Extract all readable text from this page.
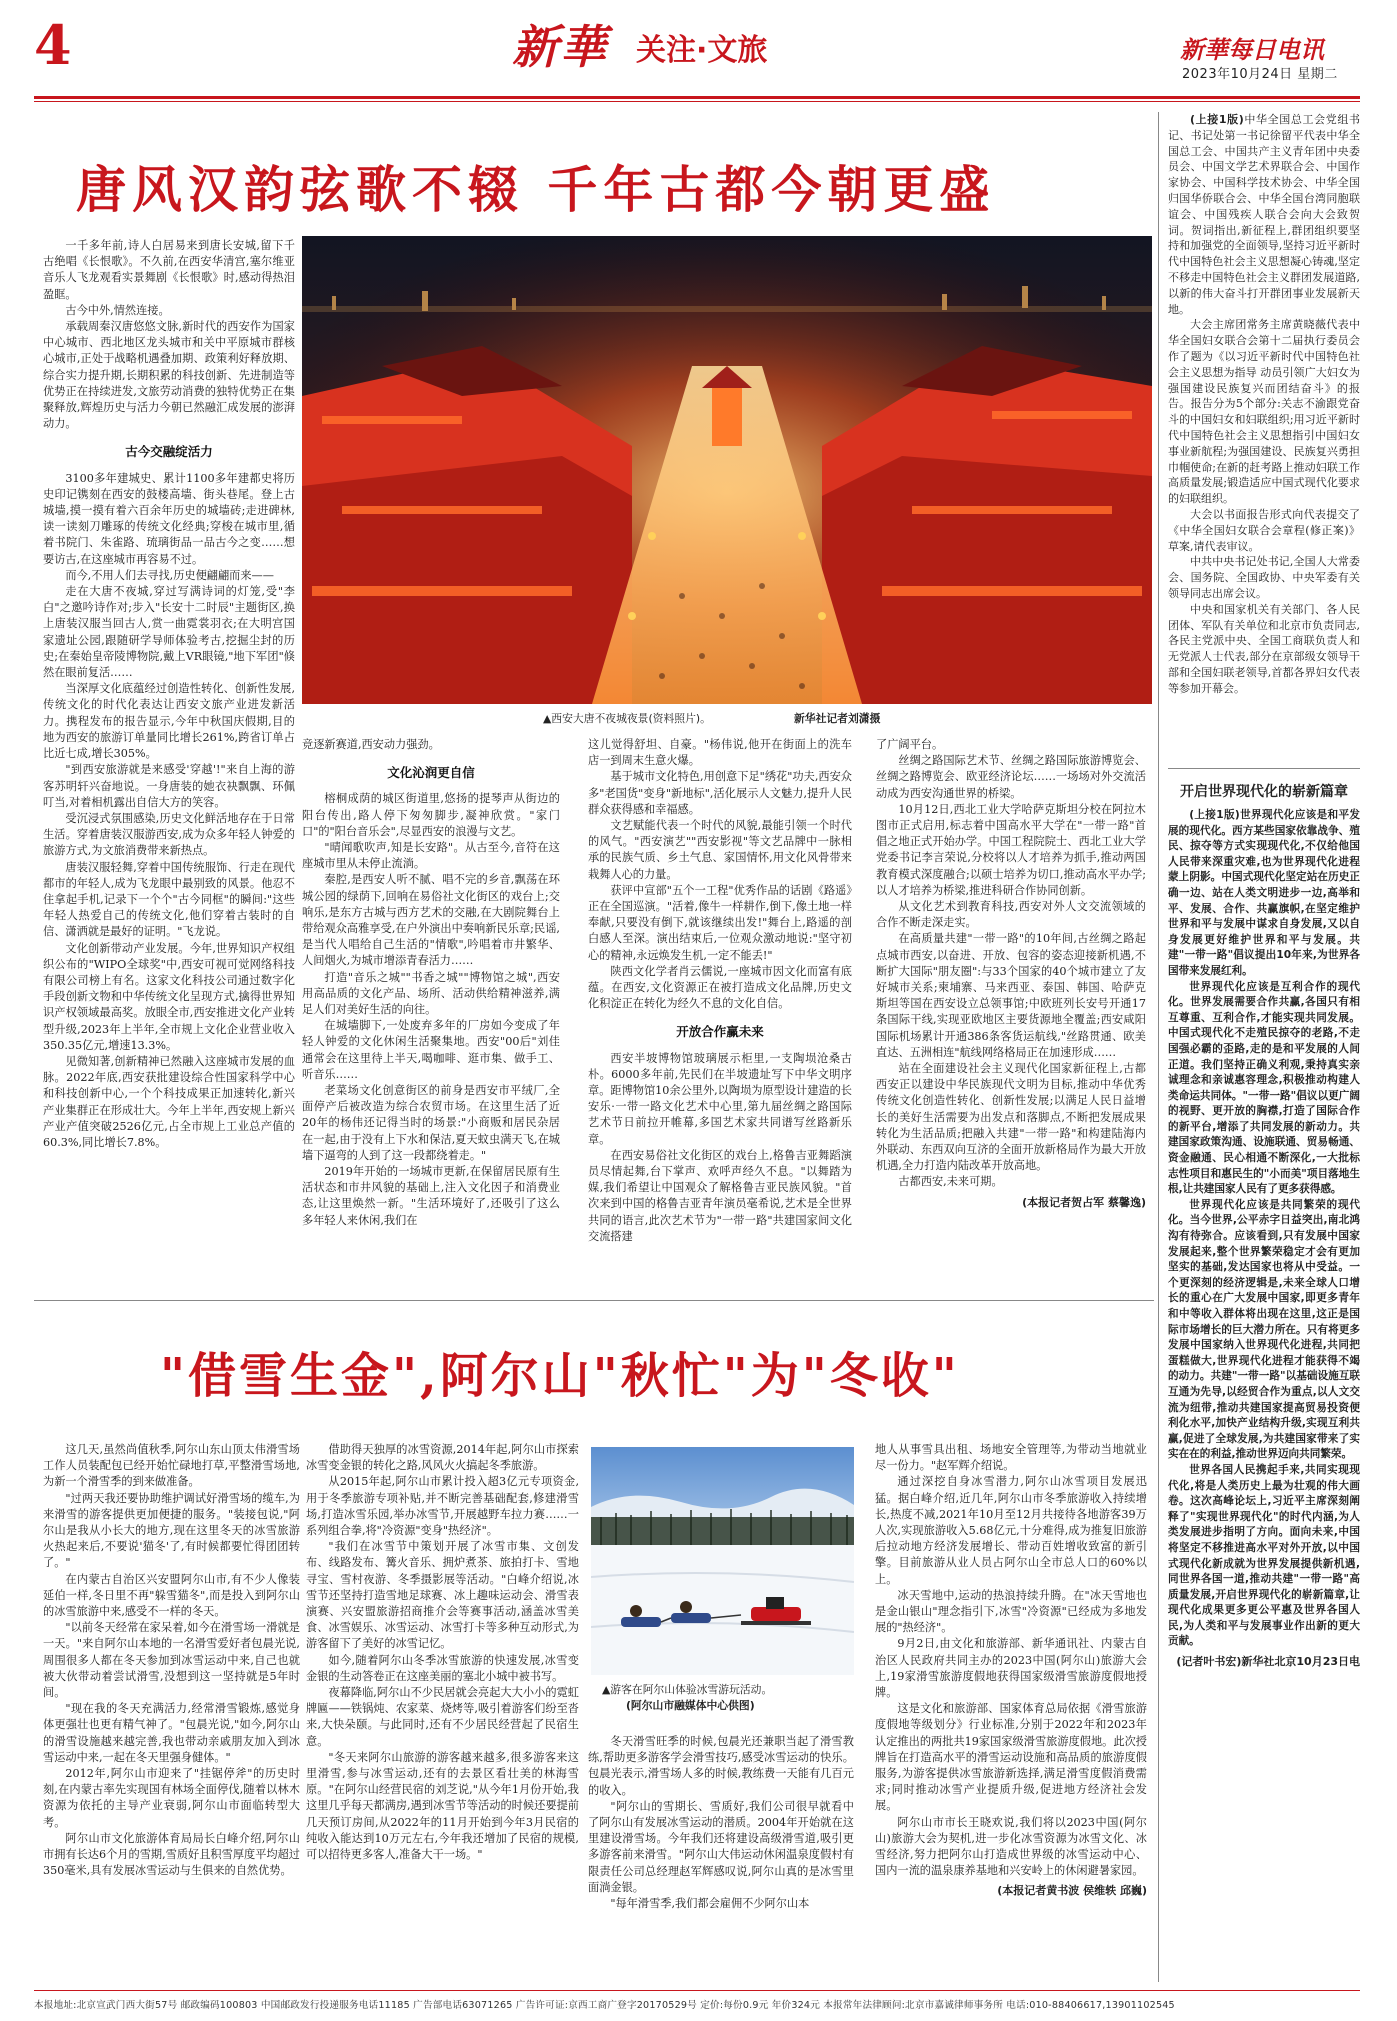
4	新華 关注·文旅	新華每日电讯
2023年10月24日 星期二
唐风汉韵弦歌不辍 千年古都今朝更盛
▲西安大唐不夜城夜景(资料照片)。	新华社记者刘潇摄

一千多年前,诗人白居易来到唐长安城,留下千古绝唱《长恨歌》。不久前,在西安华清宫,塞尔维亚音乐人飞龙观看实景舞剧《长恨歌》时,感动得热泪盈眶。

古今中外,情然连接。

承载周秦汉唐悠悠文脉,新时代的西安作为国家中心城市、西北地区龙头城市和关中平原城市群核心城市,正处于战略机遇叠加期、政策利好释放期、综合实力提升期,长期积累的科技创新、先进制造等优势正在持续进发,文旅劳动消费的独特优势正在集聚释放,辉煌历史与活力今朝已然融汇成发展的澎湃动力。

古今交融绽活力

3100多年建城史、累计1100多年建都史将历史印记镌刻在西安的鼓楼高墙、街头巷尾。登上古城墙,摸一摸有着六百余年历史的城墙砖;走进碑林,读一读刻刀雕琢的传统文化经典;穿梭在城市里,循着书院门、朱雀路、琉璃街品一品古今之变……想要访古,在这座城市再容易不过。

而今,不用人们去寻找,历史便翩翩而来——

走在大唐不夜城,穿过写满诗词的灯笼,受"李白"之邀吟诗作对;步入"长安十二时辰"主题街区,换上唐装汉服当回古人,赏一曲霓裳羽衣;在大明宫国家遗址公园,跟随研学导师体验考古,挖掘尘封的历史;在秦始皇帝陵博物院,戴上VR眼镜,"地下军团"倏然在眼前复活……

当深厚文化底蕴经过创造性转化、创新性发展,传统文化的时代化表达让西安文旅产业进发新活力。携程发布的报告显示,今年中秋国庆假期,目的地为西安的旅游订单量同比增长261%,跨省订单占比近七成,增长305%。

"到西安旅游就是来感受'穿越'!"来自上海的游客苏明轩兴奋地说。一身唐装的她衣袂飘飘、环佩叮当,对着相机露出自信大方的笑容。

受沉浸式氛围感染,历史文化鲜活地存在于日常生活。穿着唐装汉服游西安,成为众多年轻人钟爱的旅游方式,为文旅消费带来新热点。

唐装汉服轻舞,穿着中国传统服饰、行走在现代都市的年轻人,成为飞龙眼中最别致的风景。他忍不住拿起手机,记录下一个个"古今同框"的瞬间:"这些年轻人热爱自己的传统文化,他们穿着古装时的自信、潇洒就是最好的证明。"飞龙说。

文化创新带动产业发展。今年,世界知识产权组织公布的"WIPO全球奖"中,西安可视可觉网络科技有限公司榜上有名。这家文化科技公司通过数字化手段创新文物和中华传统文化呈现方式,擒得世界知识产权领域最高奖。放眼全市,西安推进文化产业转型升级,2023年上半年,全市规上文化企业营业收入350.35亿元,增速13.3%。

见微知著,创新精神已然融入这座城市发展的血脉。2022年底,西安获批建设综合性国家科学中心和科技创新中心,一个个科技成果正加速转化,新兴产业集群正在形成壮大。今年上半年,西安规上新兴产业产值突破2526亿元,占全市规上工业总产值的60.3%,同比增长7.8%。

竞逐新赛道,西安动力强劲。

文化沁润更自信

榕桐成荫的城区街道里,悠扬的提琴声从街边的阳台传出,路人停下匆匆脚步,凝神欣赏。"家门口"的"阳台音乐会",尽显西安的浪漫与文艺。

"晴闻歌吹声,知是长安路"。从古至今,音符在这座城市里从未停止流淌。

秦腔,是西安人听不腻、唱不完的乡音,飘荡在环城公园的绿荫下,回响在易俗社文化街区的戏台上;交响乐,是东方古城与西方艺术的交融,在大剧院舞台上带给观众高雅享受,在户外演出中奏响新民乐章;民谣,是当代人唱给自己生活的"情歌",吟唱着市井繁华、人间烟火,为城市增添青春活力……

打造"音乐之城""书香之城""博物馆之城",西安用高品质的文化产品、场所、活动供给精神滋养,满足人们对美好生活的向往。

在城墙脚下,一处废弃多年的厂房如今变成了年轻人钟爱的文化休闲生活聚集地。西安"00后"刘佳通常会在这里待上半天,喝咖啡、逛市集、做手工、听音乐……

老菜场文化创意街区的前身是西安市平绒厂,全面停产后被改造为综合农贸市场。在这里生活了近20年的杨伟还记得当时的场景:"小商贩和居民杂居在一起,由于没有上下水和保洁,夏天蚊虫满天飞,在城墙下逼弯的人到了这一段都绕着走。"

2019年开始的一场城市更新,在保留居民原有生活状态和市井风貌的基础上,注入文化因子和消费业态,让这里焕然一新。"生活环境好了,还吸引了这么多年轻人来休闲,我们在

这儿觉得舒坦、自豪。"杨伟说,他开在街面上的洗车店一到周末生意火爆。

基于城市文化特色,用创意下足"绣花"功夫,西安众多"老国货"变身"新地标",活化展示人文魅力,提升人民群众获得感和幸福感。

文艺赋能代表一个时代的风貌,最能引领一个时代的风气。"西安演艺""西安影视"等文艺品牌中一脉相承的民族气质、乡土气息、家国情怀,用文化风骨带来栽舞人心的力量。

获评中宣部"五个一工程"优秀作品的话剧《路遥》正在全国巡演。"活着,像牛一样耕作,倒下,像土地一样奉献,只要没有倒下,就该继续出发!"舞台上,路遥的剖白感人至深。演出结束后,一位观众激动地说:"坚守初心的精神,永远焕发生机,一定不能丢!"

陕西文化学者肖云儒说,一座城市因文化而富有底蕴。在西安,文化资源正在被打造成文化品牌,历史文化积淀正在转化为经久不息的文化自信。

开放合作赢未来

西安半坡博物馆玻璃展示柜里,一支陶埙沧桑古朴。6000多年前,先民们在半坡遗址写下中华文明序章。距博物馆10余公里外,以陶埙为原型设计建造的长安乐·一带一路文化艺术中心里,第九届丝绸之路国际艺术节日前拉开帷幕,多国艺术家共同谱写丝路新乐章。

在西安易俗社文化街区的戏台上,格鲁吉亚舞蹈演员尽情起舞,台下掌声、欢呼声经久不息。"以舞踏为媒,我们希望让中国观众了解格鲁吉亚民族风貌。"首次来到中国的格鲁吉亚青年演员毫希说,艺术是全世界共同的语言,此次艺术节为"一带一路"共建国家间文化交流搭建

了广阔平台。

丝绸之路国际艺术节、丝绸之路国际旅游博览会、丝绸之路博览会、欧亚经济论坛……一场场对外交流活动成为西安沟通世界的桥梁。

10月12日,西北工业大学哈萨克斯坦分校在阿拉木图市正式启用,标志着中国高水平大学在"一带一路"首倡之地正式开始办学。中国工程院院士、西北工业大学党委书记李言荣说,分校将以人才培养为抓手,推动两国教育模式深度融合;以硕士培养为切口,推动高水平办学;以人才培养为桥梁,推进科研合作协同创新。

从文化艺术到教育科技,西安对外人文交流领域的合作不断走深走实。

在高质量共建"一带一路"的10年间,古丝绸之路起点城市西安,以奋进、开放、包容的姿态迎接新机遇,不断扩大国际"朋友圈":与33个国家的40个城市建立了友好城市关系;柬埔寨、马来西亚、泰国、韩国、哈萨克斯坦等国在西安设立总领事馆;中欧班列长安号开通17条国际干线,实现亚欧地区主要货源地全覆盖;西安咸阳国际机场累计开通386条客货运航线,"丝路贯通、欧美直达、五洲相连"航线网络格局正在加速形成……

站在全面建设社会主义现代化国家新征程上,古都西安正以建设中华民族现代文明为目标,推动中华优秀传统文化创造性转化、创新性发展;以满足人民日益增长的美好生活需要为出发点和落脚点,不断把发展成果转化为生活品质;把融入共建"一带一路"和构建陆海内外联动、东西双向互济的全面开放新格局作为最大开放机遇,全力打造内陆改革开放高地。

古都西安,未来可期。

(本报记者贺占军 蔡馨逸)

(上接1版)中华全国总工会党组书记、书记处第一书记徐留平代表中华全国总工会、中国共产主义青年团中央委员会、中国文学艺术界联合会、中国作家协会、中国科学技术协会、中华全国归国华侨联合会、中华全国台湾同胞联谊会、中国残疾人联合会向大会致贺词。贺词指出,新征程上,群团组织要坚持和加强党的全面领导,坚持习近平新时代中国特色社会主义思想凝心铸魂,坚定不移走中国特色社会主义群团发展道路,以新的伟大奋斗打开群团事业发展新天地。

大会主席团常务主席黄晓薇代表中华全国妇女联合会第十二届执行委员会作了题为《以习近平新时代中国特色社会主义思想为指导 动员引领广大妇女为强国建设民族复兴而团结奋斗》的报告。报告分为5个部分:关志不渝跟党奋斗的中国妇女和妇联组织;用习近平新时代中国特色社会主义思想指引中国妇女事业新航程;为强国建设、民族复兴勇担巾帼使命;在新的赶考路上推动妇联工作高质量发展;锻造适应中国式现代化要求的妇联组织。

大会以书面报告形式向代表提交了《中华全国妇女联合会章程(修正案)》草案,请代表审议。

中共中央书记处书记,全国人大常委会、国务院、全国政协、中央军委有关领导同志出席会议。

中央和国家机关有关部门、各人民团体、军队有关单位和北京市负责同志,各民主党派中央、全国工商联负责人和无党派人士代表,部分在京部级女领导干部和全国妇联老领导,首都各界妇女代表等参加开幕会。

开启世界现代化的崭新篇章

(上接1版)世界现代化应该是和平发展的现代化。西方某些国家依靠战争、殖民、掠夺等方式实现现代化,不仅给他国人民带来深重灾难,也为世界现代化进程蒙上阴影。中国式现代化坚定站在历史正确一边、站在人类文明进步一边,高举和平、发展、合作、共赢旗帜,在坚定维护世界和平与发展中谋求自身发展,又以自身发展更好维护世界和平与发展。共建"一带一路"倡议提出10年来,为世界各国带来发展红利。

世界现代化应该是互利合作的现代化。世界发展需要合作共赢,各国只有相互尊重、互利合作,才能实现共同发展。中国式现代化不走殖民掠夺的老路,不走国强必霸的歪路,走的是和平发展的人间正道。我们坚持正确义利观,秉持真实亲诚理念和亲诚惠容理念,积极推动构建人类命运共同体。"一带一路"倡议以更广阔的视野、更开放的胸襟,打造了国际合作的新平台,增添了共同发展的新动力。共建国家政策沟通、设施联通、贸易畅通、资金融通、民心相通不断深化,一大批标志性项目和惠民生的"小而美"项目落地生根,让共建国家人民有了更多获得感。

世界现代化应该是共同繁荣的现代化。当今世界,公平赤字日益突出,南北鸿沟有待弥合。应该看到,只有发展中国家发展起来,整个世界繁荣稳定才会有更加坚实的基础,发达国家也将从中受益。一个更深刻的经济逻辑是,未来全球人口增长的重心在广大发展中国家,即更多青年和中等收入群体将出现在这里,这正是国际市场增长的巨大潜力所在。只有将更多发展中国家纳入世界现代化进程,共同把蛋糕做大,世界现代化进程才能获得不竭的动力。共建"一带一路"以基础设施互联互通为先导,以经贸合作为重点,以人文交流为纽带,推动共建国家提高贸易投资便利化水平,加快产业结构升级,实现互利共赢,促进了全球发展,为共建国家带来了实实在在的利益,推动世界迈向共同繁荣。

世界各国人民携起手来,共同实现现代化,将是人类历史上最为壮观的伟大画卷。这次高峰论坛上,习近平主席深刻阐释了"实现世界现代化"的时代内涵,为人类发展进步指明了方向。面向未来,中国将坚定不移推进高水平对外开放,以中国式现代化新成就为世界发展提供新机遇,同世界各国一道,推动共建"一带一路"高质量发展,开启世界现代化的崭新篇章,让现代化成果更多更公平惠及世界各国人民,为人类和平与发展事业作出新的更大贡献。

(记者叶书宏)新华社北京10月23日电

"借雪生金",阿尔山"秋忙"为"冬收"
▲游客在阿尔山体验冰雪游玩活动。
(阿尔山市融媒体中心供图)

这几天,虽然尚值秋季,阿尔山东山顶太伟滑雪场工作人员装配包已经开始忙碌地打草,平整滑雪场地,为新一个滑雪季的到来做准备。

"过两天我还要协助维护调试好滑雪场的缆车,为来滑雪的游客提供更加便捷的服务。"装接包说,"阿尔山是我从小长大的地方,现在这里冬天的冰雪旅游火热起来后,不要说'猫冬'了,有时候都要忙得团团转了。"

在内蒙古自治区兴安盟阿尔山市,有不少人像装延伯一样,冬日里不再"躲雪猫冬",而是投入到阿尔山的冰雪旅游中来,感受不一样的冬天。

"以前冬天经常在家呆着,如今在滑雪场一滑就是一天。"来自阿尔山本地的一名滑雪爱好者包晨光说,周围很多人都在冬天参加到冰雪运动中来,自己也就被大伙带动着尝试滑雪,没想到这一坚持就是5年时间。

"现在我的冬天充满活力,经常滑雪锻炼,感觉身体更强壮也更有精气神了。"包晨光说,"如今,阿尔山的滑雪设施越来越完善,我也带动亲戚朋友加入到冰雪运动中来,一起在冬天里强身健体。"

2012年,阿尔山市迎来了"挂锯停斧"的历史时刻,在内蒙古率先实现国有林场全面停伐,随着以林木资源为依托的主导产业衰弱,阿尔山市面临转型大考。

阿尔山市文化旅游体育局局长白峰介绍,阿尔山市拥有长达6个月的雪期,雪质好且积雪厚度平均超过350毫米,具有发展冰雪运动与生俱来的自然优势。

借助得天独厚的冰雪资源,2014年起,阿尔山市探索冰雪变金银的转化之路,风风火火搞起冬季旅游。

从2015年起,阿尔山市累计投入超3亿元专项资金,用于冬季旅游专项补贴,并不断完善基础配套,修建滑雪场,打造冰雪乐园,举办冰雪节,开展越野车拉力赛……一系列组合拳,将"冷资源"变身"热经济"。

"我们在冰雪节中策划开展了冰雪市集、文创发布、线路发布、篝火音乐、拥炉煮茶、旅拍打卡、雪地寻宝、雪村夜游、冬季摄影展等活动。"白峰介绍说,冰雪节还坚持打造雪地足球赛、冰上趣味运动会、滑雪表演赛、兴安盟旅游招商推介会等赛事活动,涵盖冰雪美食、冰雪娱乐、冰雪运动、冰雪打卡等多种互动形式,为游客留下了美好的冰雪记忆。

如今,随着阿尔山冬季冰雪旅游的快速发展,冰雪变金银的生动答卷正在这座美丽的塞北小城中被书写。

夜幕降临,阿尔山不少民居就会亮起大大小小的霓虹牌匾——铁锅炖、农家菜、烧烤等,吸引着游客们纷至沓来,大快朵颐。与此同时,还有不少居民经营起了民宿生意。

"冬天来阿尔山旅游的游客越来越多,很多游客来这里滑雪,参与冰雪运动,还有的去景区看壮美的林海雪原。"在阿尔山经营民宿的刘芝说,"从今年1月份开始,我这里几乎每天都满房,遇到冰雪节等活动的时候还要提前几天预订房间,从2022年的11月开始到今年3月民宿的纯收入能达到10万元左右,今年我还增加了民宿的规模,可以招待更多客人,准备大干一场。"

冬天滑雪旺季的时候,包晨光还兼职当起了滑雪教练,帮助更多游客学会滑雪技巧,感受冰雪运动的快乐。包晨光表示,滑雪场人多的时候,教练费一天能有几百元的收入。

"阿尔山的雪期长、雪质好,我们公司很早就看中了阿尔山有发展冰雪运动的潜质。2004年开始就在这里建设滑雪场。今年我们还将建设高级滑雪道,吸引更多游客前来滑雪。"阿尔山大伟运动休闲温泉度假村有限责任公司总经理赵军辉感叹说,阿尔山真的是冰雪里面淌金银。

"每年滑雪季,我们都会雇佣不少阿尔山本

地人从事雪具出租、场地安全管理等,为带动当地就业尽一份力。"赵军辉介绍说。

通过深挖自身冰雪潜力,阿尔山冰雪项目发展迅猛。据白峰介绍,近几年,阿尔山市冬季旅游收入持续增长,热度不减,2021年10月至12月共接待各地游客39万人次,实现旅游收入5.68亿元,十分难得,成为推复旧旅游后拉动地方经济发展增长、带动百姓增收致富的新引擎。目前旅游从业人员占阿尔山全市总人口的60%以上。

冰天雪地中,运动的热浪持续升腾。在"冰天雪地也是金山银山"理念指引下,冰雪"冷资源"已经成为多地发展的"热经济"。

9月2日,由文化和旅游部、新华通讯社、内蒙古自治区人民政府共同主办的2023中国(阿尔山)旅游大会上,19家滑雪旅游度假地获得国家级滑雪旅游度假地授牌。

这是文化和旅游部、国家体育总局依据《滑雪旅游度假地等级划分》行业标准,分别于2022年和2023年认定推出的两批共19家国家级滑雪旅游度假地。此次授牌旨在打造高水平的滑雪运动设施和高品质的旅游度假服务,为游客提供冰雪旅游新选择,满足滑雪度假消费需求;同时推动冰雪产业提质升级,促进地方经济社会发展。

阿尔山市市长王晓欢说,我们将以2023中国(阿尔山)旅游大会为契机,进一步化冰雪资源为冰雪文化、冰雪经济,努力把阿尔山打造成世界级的冰雪运动中心、国内一流的温泉康养基地和兴安岭上的休闲避暑家园。

(本报记者黄书波 侯维轶 邱巍)

本报地址:北京宣武门西大街57号 邮政编码100803 中国邮政发行投递服务电话11185 广告部电话63071265 广告许可证:京西工商广登字20170529号 定价:每份0.9元 年价324元 本报常年法律顾问:北京市嘉诚律师事务所 电话:010-88406617,13901102545
